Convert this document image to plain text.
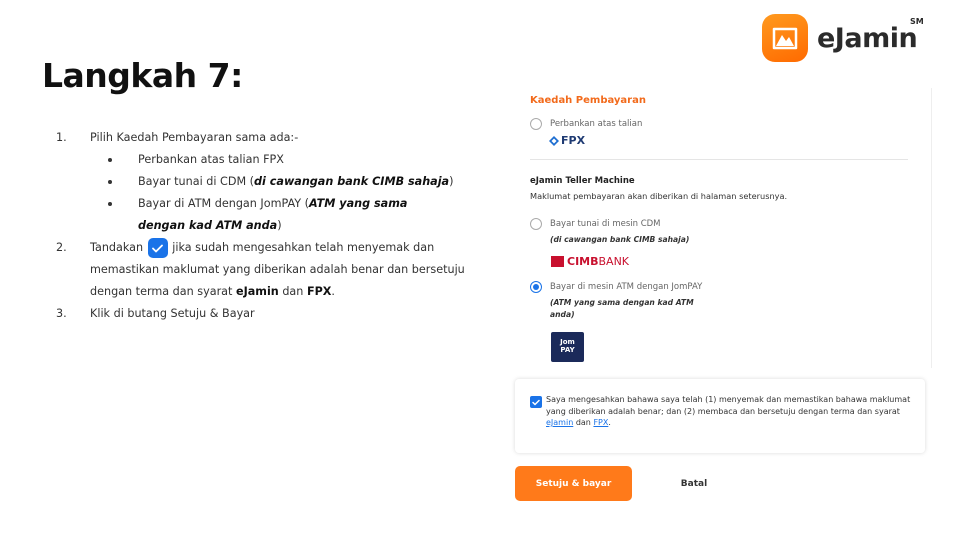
eJamin
SM
Langkah 7:
1. Pilih Kaedah Pembayaran sama ada:-
Perbankan atas talian FPX
Bayar tunai di CDM (di cawangan bank CIMB sahaja)
Bayar di ATM dengan JomPAY (ATM yang sama dengan kad ATM anda)
2. Tandakan	jika sudah mengesahkan telah menyemak dan memastikan maklumat yang diberikan adalah benar dan bersetuju dengan terma dan syarat eJamin dan FPX.
3. Klik di butang Setuju & Bayar
Kaedah Pembayaran
Perbankan atas talian
FPX
eJamin Teller Machine
Maklumat pembayaran akan diberikan di halaman seterusnya.
Bayar tunai di mesin CDM
(di cawangan bank CIMB sahaja)
CIMB BANK
Bayar di mesin ATM dengan JomPAY
(ATM yang sama dengan kad ATM
anda)
Jom
PAY
Saya mengesahkan bahawa saya telah (1) menyemak dan memastikan bahawa maklumat yang diberikan adalah benar; dan (2) membaca dan bersetuju dengan terma dan syarat eJamin dan FPX.
Setuju & bayar	Batal
